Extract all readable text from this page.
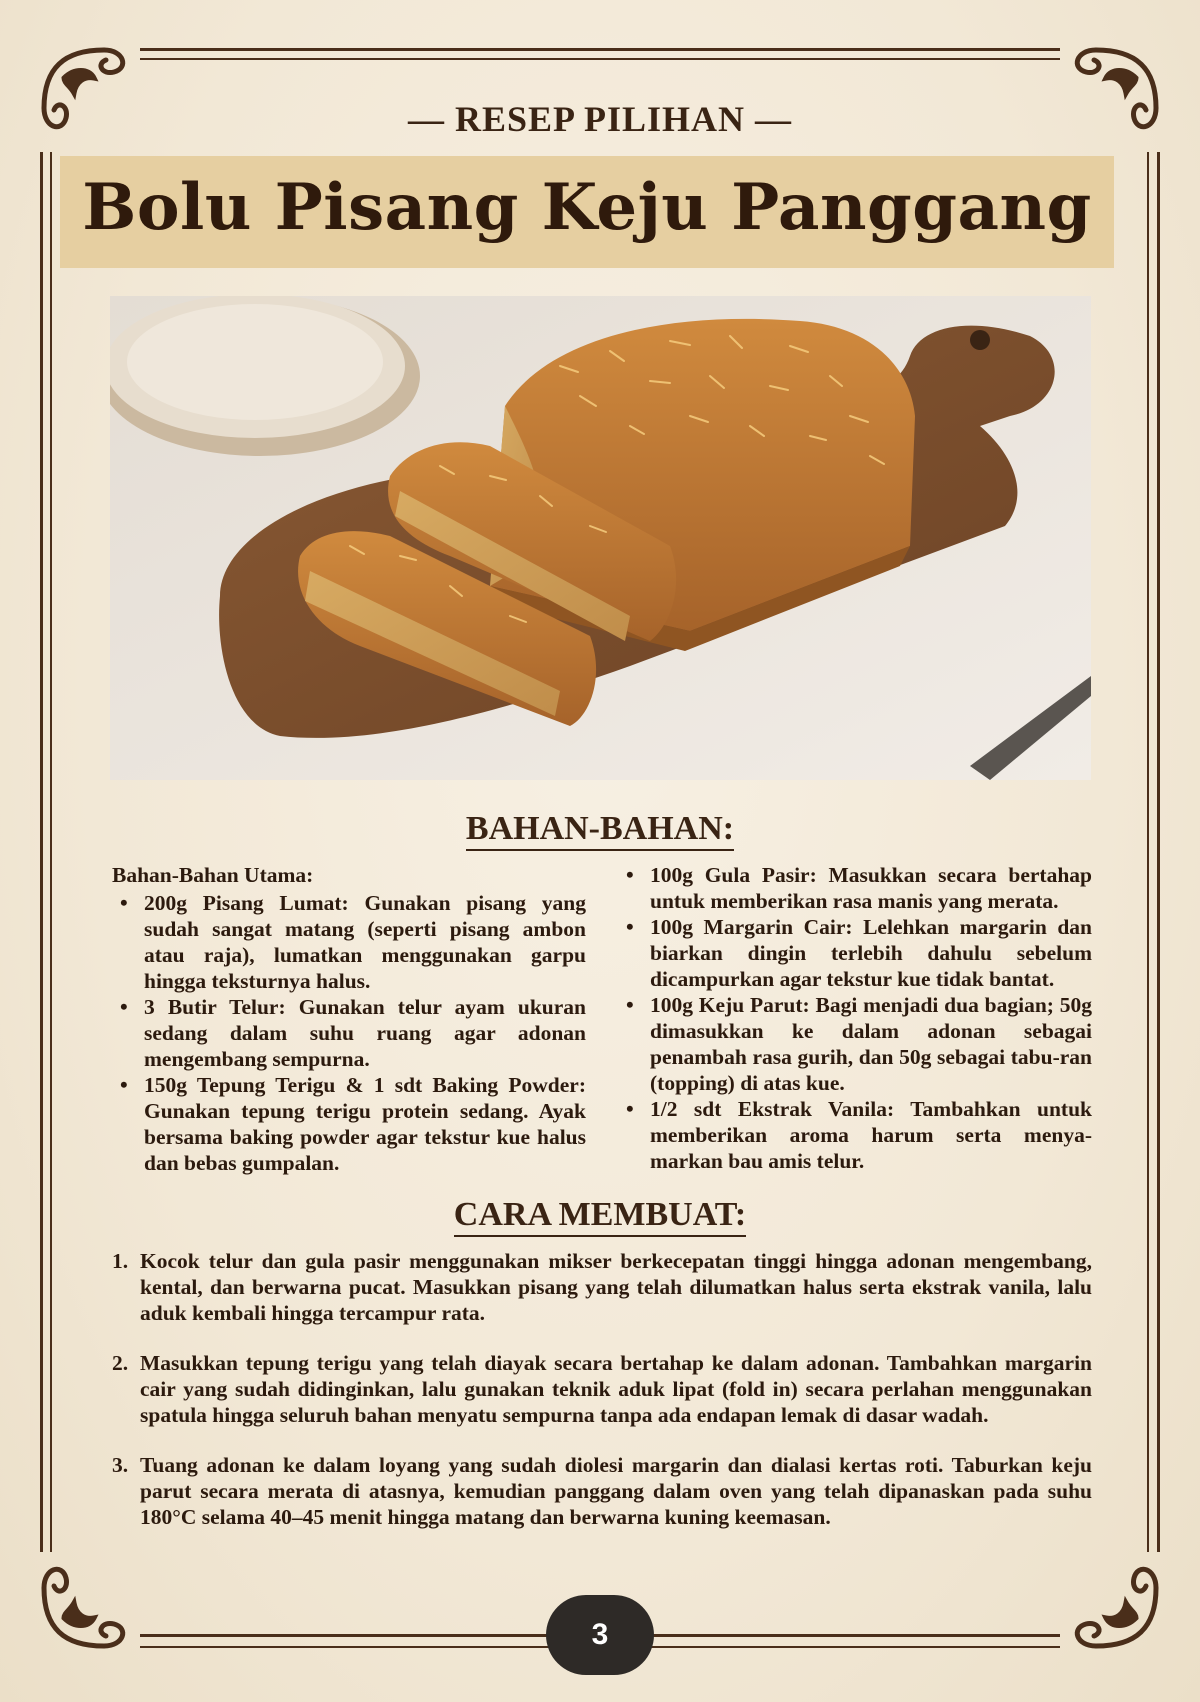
— RESEP PILIHAN —
Bolu Pisang Keju Panggang
BAHAN-BAHAN:
Bahan-Bahan Utama:
• 200g Pisang Lumat: Gunakan pisang yang sudah sangat matang (seperti pisang ambon atau raja), lumatkan menggunakan garpu hingga teksturnya halus.
• 3 Butir Telur: Gunakan telur ayam ukuran sedang dalam suhu ruang agar adonan mengembang sempurna.
• 150g Tepung Terigu & 1 sdt Baking Powder: Gunakan tepung terigu protein sedang. Ayak bersama baking powder agar tekstur kue halus dan bebas gumpalan.
• 100g Gula Pasir: Masukkan secara bertahap untuk memberikan rasa manis yang merata.
• 100g Margarin Cair: Lelehkan margarin dan biarkan dingin terlebih dahulu sebelum dicampurkan agar tekstur kue tidak bantat.
• 100g Keju Parut: Bagi menjadi dua bagian; 50g dimasukkan ke dalam adonan sebagai penambah rasa gurih, dan 50g sebagai tabu-ran (topping) di atas kue.
• 1/2 sdt Ekstrak Vanila: Tambahkan untuk memberikan aroma harum serta menya-markan bau amis telur.
CARA MEMBUAT:
1. Kocok telur dan gula pasir menggunakan mikser berkecepatan tinggi hingga adonan mengembang, kental, dan berwarna pucat. Masukkan pisang yang telah dilumatkan halus serta ekstrak vanila, lalu aduk kembali hingga tercampur rata.
2. Masukkan tepung terigu yang telah diayak secara bertahap ke dalam adonan. Tambahkan margarin cair yang sudah didinginkan, lalu gunakan teknik aduk lipat (fold in) secara perlahan menggunakan spatula hingga seluruh bahan menyatu sempurna tanpa ada endapan lemak di dasar wadah.
3. Tuang adonan ke dalam loyang yang sudah diolesi margarin dan dialasi kertas roti. Taburkan keju parut secara merata di atasnya, kemudian panggang dalam oven yang telah dipanaskan pada suhu 180°C selama 40–45 menit hingga matang dan berwarna kuning keemasan.
3
